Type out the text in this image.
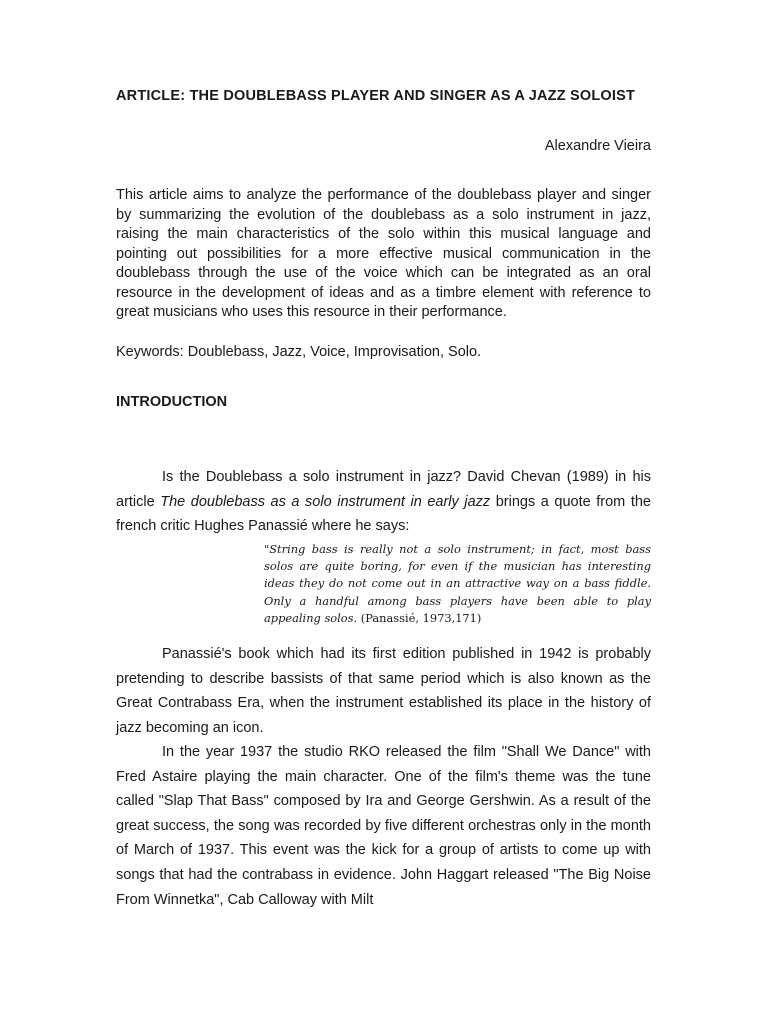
ARTICLE: THE DOUBLEBASS PLAYER AND SINGER AS A JAZZ SOLOIST

Alexandre Vieira

This article aims to analyze the performance of the doublebass player and singer by summarizing the evolution of the doublebass as a solo instrument in jazz, raising the main characteristics of the solo within this musical language and pointing out possibilities for a more effective musical communication in the doublebass through the use of the voice which can be integrated as an oral resource in the development of ideas and as a timbre element with reference to great musicians who uses this resource in their performance.

Keywords: Doublebass, Jazz, Voice, Improvisation, Solo.

INTRODUCTION

Is the Doublebass a solo instrument in jazz? David Chevan (1989) in his article The doublebass as a solo instrument in early jazz brings a quote from the french critic Hughes Panassié where he says:

"String bass is really not a solo instrument; in fact, most bass solos are quite boring, for even if the musician has interesting ideas they do not come out in an attractive way on a bass fiddle. Only a handful among bass players have been able to play appealing solos. (Panassié, 1973,171)

Panassié's book which had its first edition published in 1942 is probably pretending to describe bassists of that same period which is also known as the Great Contrabass Era, when the instrument established its place in the history of jazz becoming an icon.

In the year 1937 the studio RKO released the film "Shall We Dance" with Fred Astaire playing the main character. One of the film's theme was the tune called "Slap That Bass" composed by Ira and George Gershwin. As a result of the great success, the song was recorded by five different orchestras only in the month of March of 1937. This event was the kick for a group of artists to come up with songs that had the contrabass in evidence. John Haggart released "The Big Noise From Winnetka", Cab Calloway with Milt
